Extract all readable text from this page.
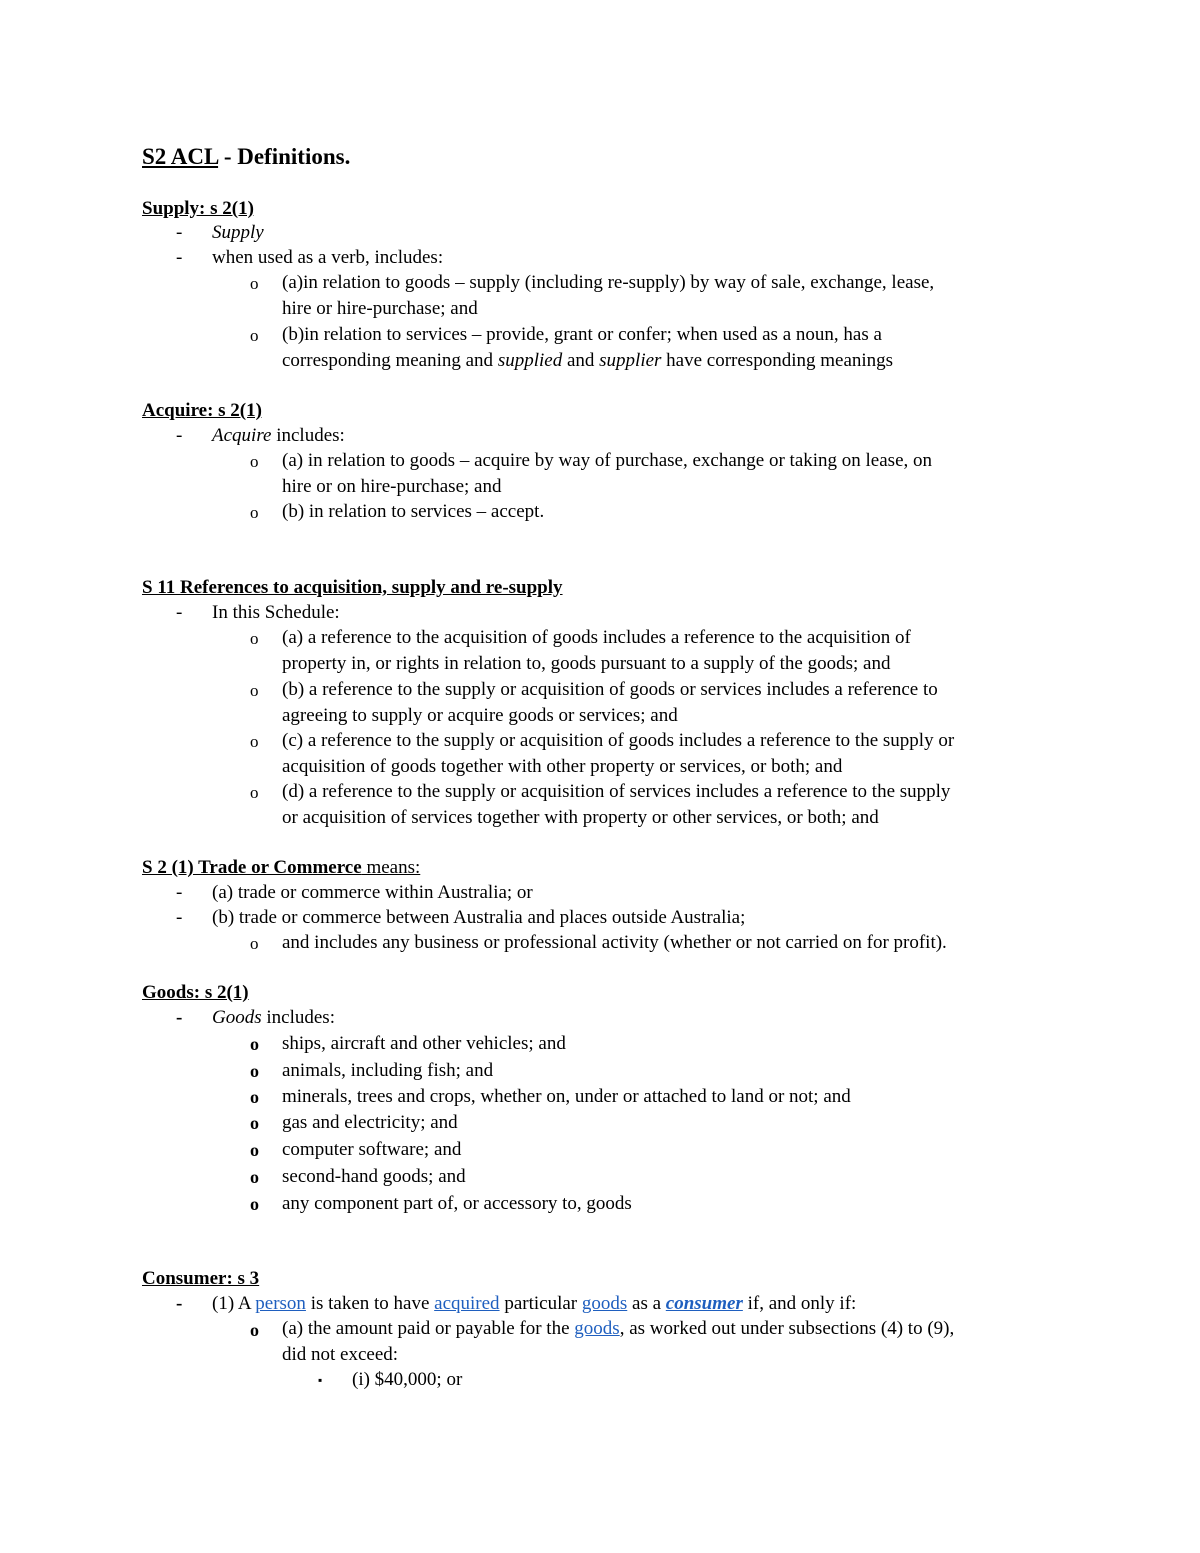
S2 ACL - Definitions.
Supply: s 2(1)
- Supply
- when used as a verb, includes:
o (a)in relation to goods – supply (including re-supply) by way of sale, exchange, lease,
hire or hire-purchase; and
o (b)in relation to services – provide, grant or confer; when used as a noun, has a
corresponding meaning and supplied and supplier have corresponding meanings
Acquire: s 2(1)
- Acquire includes:
o (a) in relation to goods – acquire by way of purchase, exchange or taking on lease, on
hire or on hire-purchase; and
o (b) in relation to services – accept.
S 11 References to acquisition, supply and re-supply
- In this Schedule:
o (a) a reference to the acquisition of goods includes a reference to the acquisition of
property in, or rights in relation to, goods pursuant to a supply of the goods; and
o (b) a reference to the supply or acquisition of goods or services includes a reference to
agreeing to supply or acquire goods or services; and
o (c) a reference to the supply or acquisition of goods includes a reference to the supply or
acquisition of goods together with other property or services, or both; and
o (d) a reference to the supply or acquisition of services includes a reference to the supply
or acquisition of services together with property or other services, or both; and
S 2 (1) Trade or Commerce means:
- (a) trade or commerce within Australia; or
- (b) trade or commerce between Australia and places outside Australia;
o and includes any business or professional activity (whether or not carried on for profit).
Goods: s 2(1)
- Goods includes:
o ships, aircraft and other vehicles; and
o animals, including fish; and
o minerals, trees and crops, whether on, under or attached to land or not; and
o gas and electricity; and
o computer software; and
o second-hand goods; and
o any component part of, or accessory to, goods
Consumer: s 3
- (1) A person is taken to have acquired particular goods as a consumer if, and only if:
o (a) the amount paid or payable for the goods, as worked out under subsections (4) to (9),
did not exceed:
▪ (i) $40,000; or
